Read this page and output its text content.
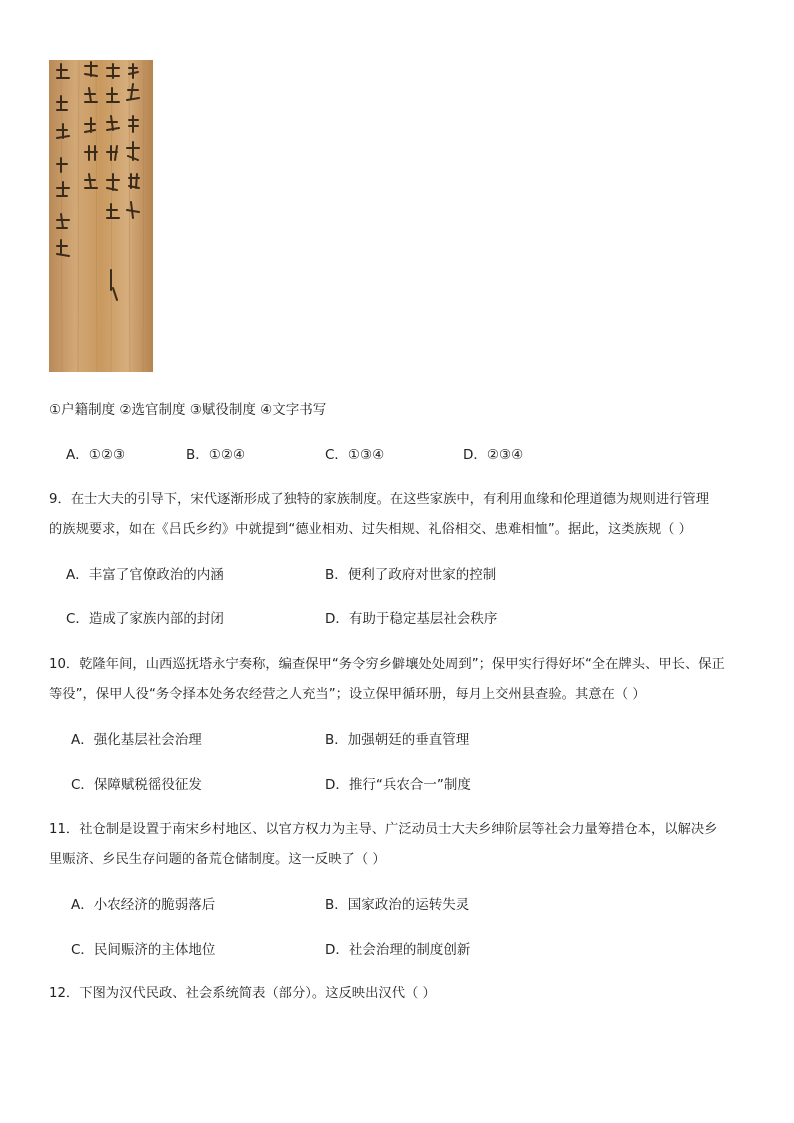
①户籍制度 ②选官制度 ③赋役制度 ④文字书写
A．①②③	B．①②④	C．①③④	D．②③④
9．在士大夫的引导下，宋代逐渐形成了独特的家族制度。在这些家族中，有利用血缘和伦理道德为规则进行管理
的族规要求，如在《吕氏乡约》中就提到“德业相劝、过失相规、礼俗相交、患难相恤”。据此，这类族规（ ）
A．丰富了官僚政治的内涵	B．便利了政府对世家的控制
C．造成了家族内部的封闭	D．有助于稳定基层社会秩序
10．乾隆年间，山西巡抚塔永宁奏称，编查保甲“务令穷乡僻壤处处周到”；保甲实行得好坏“全在牌头、甲长、保正
等役”，保甲人役“务令择本处务农经营之人充当”；设立保甲循环册，每月上交州县查验。其意在（ ）
A．强化基层社会治理	B．加强朝廷的垂直管理
C．保障赋税徭役征发	D．推行“兵农合一”制度
11．社仓制是设置于南宋乡村地区、以官方权力为主导、广泛动员士大夫乡绅阶层等社会力量筹措仓本，以解决乡
里赈济、乡民生存问题的备荒仓储制度。这一反映了（ ）
A．小农经济的脆弱落后	B．国家政治的运转失灵
C．民间赈济的主体地位	D．社会治理的制度创新
12．下图为汉代民政、社会系统简表（部分）。这反映出汉代（ ）
